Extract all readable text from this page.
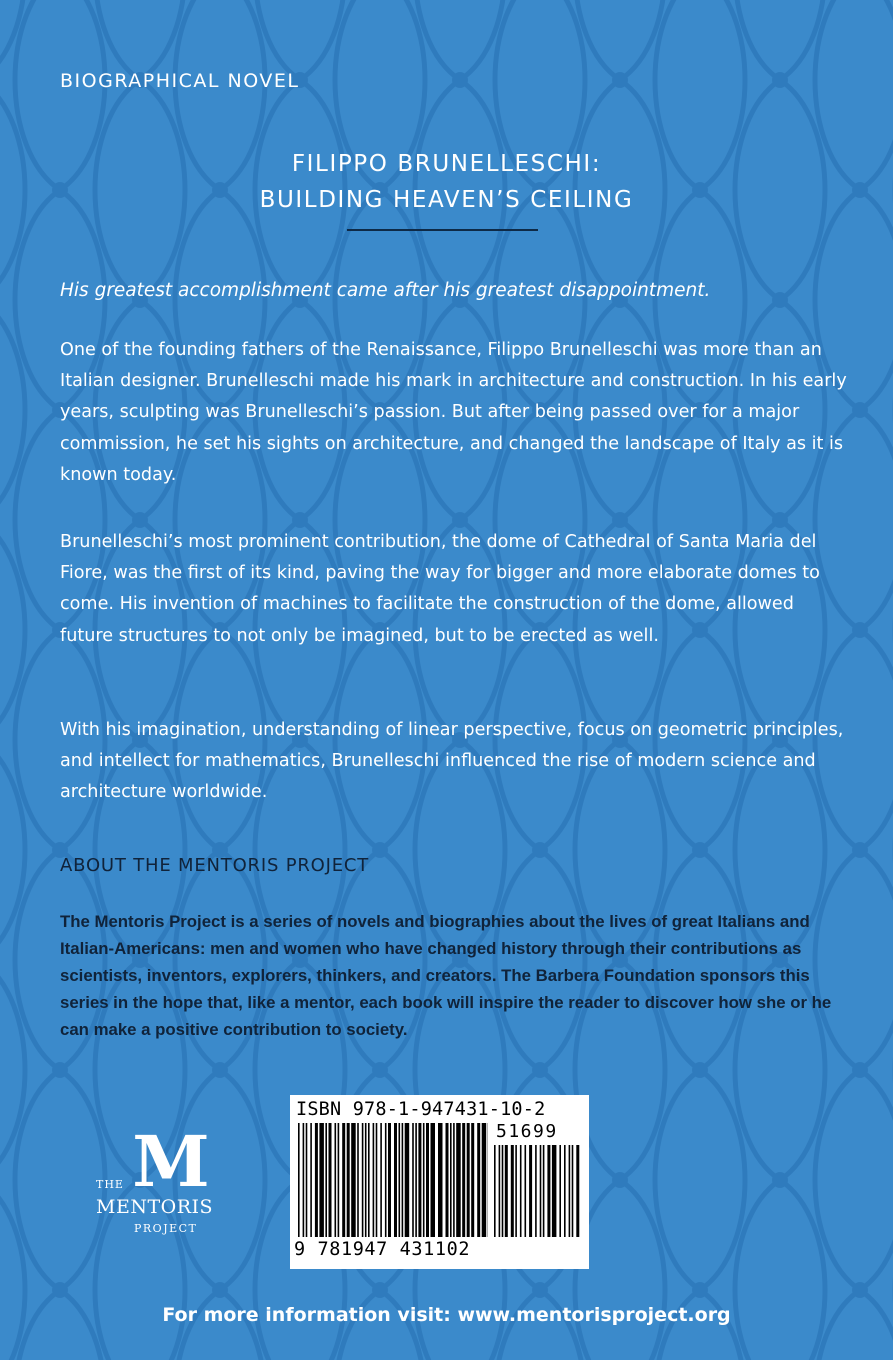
BIOGRAPHICAL NOVEL
FILIPPO BRUNELLESCHI:
BUILDING HEAVEN’S CEILING
His greatest accomplishment came after his greatest disappointment.
One of the founding fathers of the Renaissance, Filippo Brunelleschi was more than an Italian designer. Brunelleschi made his mark in architecture and construction. In his early years, sculpting was Brunelleschi’s passion. But after being passed over for a major commission, he set his sights on architecture, and changed the landscape of Italy as it is known today.
Brunelleschi’s most prominent contribution, the dome of Cathedral of Santa Maria del Fiore, was the first of its kind, paving the way for bigger and more elaborate domes to come. His invention of machines to facilitate the construction of the dome, allowed future structures to not only be imagined, but to be erected as well.
With his imagination, understanding of linear perspective, focus on geometric principles, and intellect for mathematics, Brunelleschi influenced the rise of modern science and architecture worldwide.
ABOUT THE MENTORIS PROJECT
The Mentoris Project is a series of novels and biographies about the lives of great Italians and Italian-Americans: men and women who have changed history through their contributions as scientists, inventors, explorers, thinkers, and creators. The Barbera Foundation sponsors this series in the hope that, like a mentor, each book will inspire the reader to discover how she or he can make a positive contribution to society.
M
THE
MENTORIS
PROJECT
ISBN 978-1-947431-10-2
51699
9 781947 431102
For more information visit: www.mentorisproject.org
